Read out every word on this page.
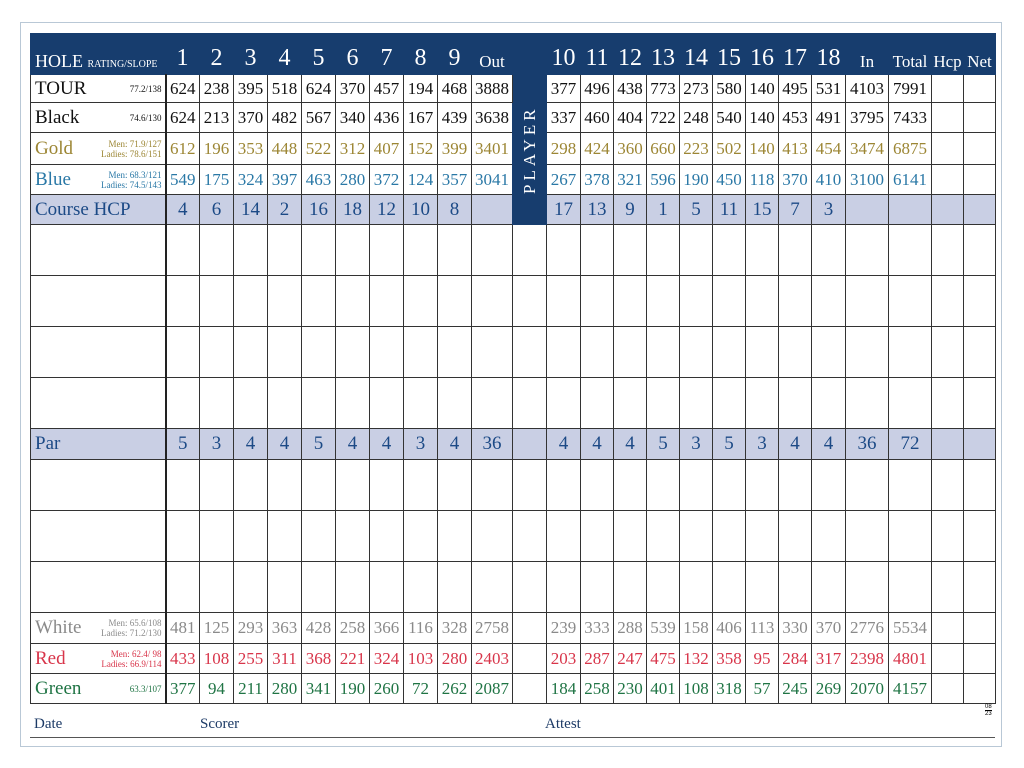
HOLE RATING/SLOPE	1	2	3	4	5	6	7	8	9	Out		10	11	12	13	14	15	16	17	18	In	Total	Hcp	Net
TOUR 77.2/138	624	238	395	518	624	370	457	194	468	3888	PLAYER	377	496	438	773	273	580	140	495	531	4103	7991		
Black 74.6/130	624	213	370	482	567	340	436	167	439	3638		337	460	404	722	248	540	140	453	491	3795	7433		
Gold Men: 71.9/127
Ladies: 78.6/151	612	196	353	448	522	312	407	152	399	3401		298	424	360	660	223	502	140	413	454	3474	6875		
Blue Men: 68.3/121
Ladies: 74.5/143	549	175	324	397	463	280	372	124	357	3041		267	378	321	596	190	450	118	370	410	3100	6141		
Course HCP	4	6	14	2	16	18	12	10	8			17	13	9	1	5	11	15	7	3				

Par	5	3	4	4	5	4	4	3	4	36		4	4	4	5	3	5	3	4	4	36	72		

White Men: 65.6/108
Ladies: 71.2/130	481	125	293	363	428	258	366	116	328	2758		239	333	288	539	158	406	113	330	370	2776	5534		
Red Men: 62.4/ 98
Ladies: 66.9/114	433	108	255	311	368	221	324	103	280	2403		203	287	247	475	132	358	95	284	317	2398	4801		
Green 63.3/107	377	94	211	280	341	190	260	72	262	2087		184	258	230	401	108	318	57	245	269	2070	4157		
Date	Scorer	Attest
08
23
